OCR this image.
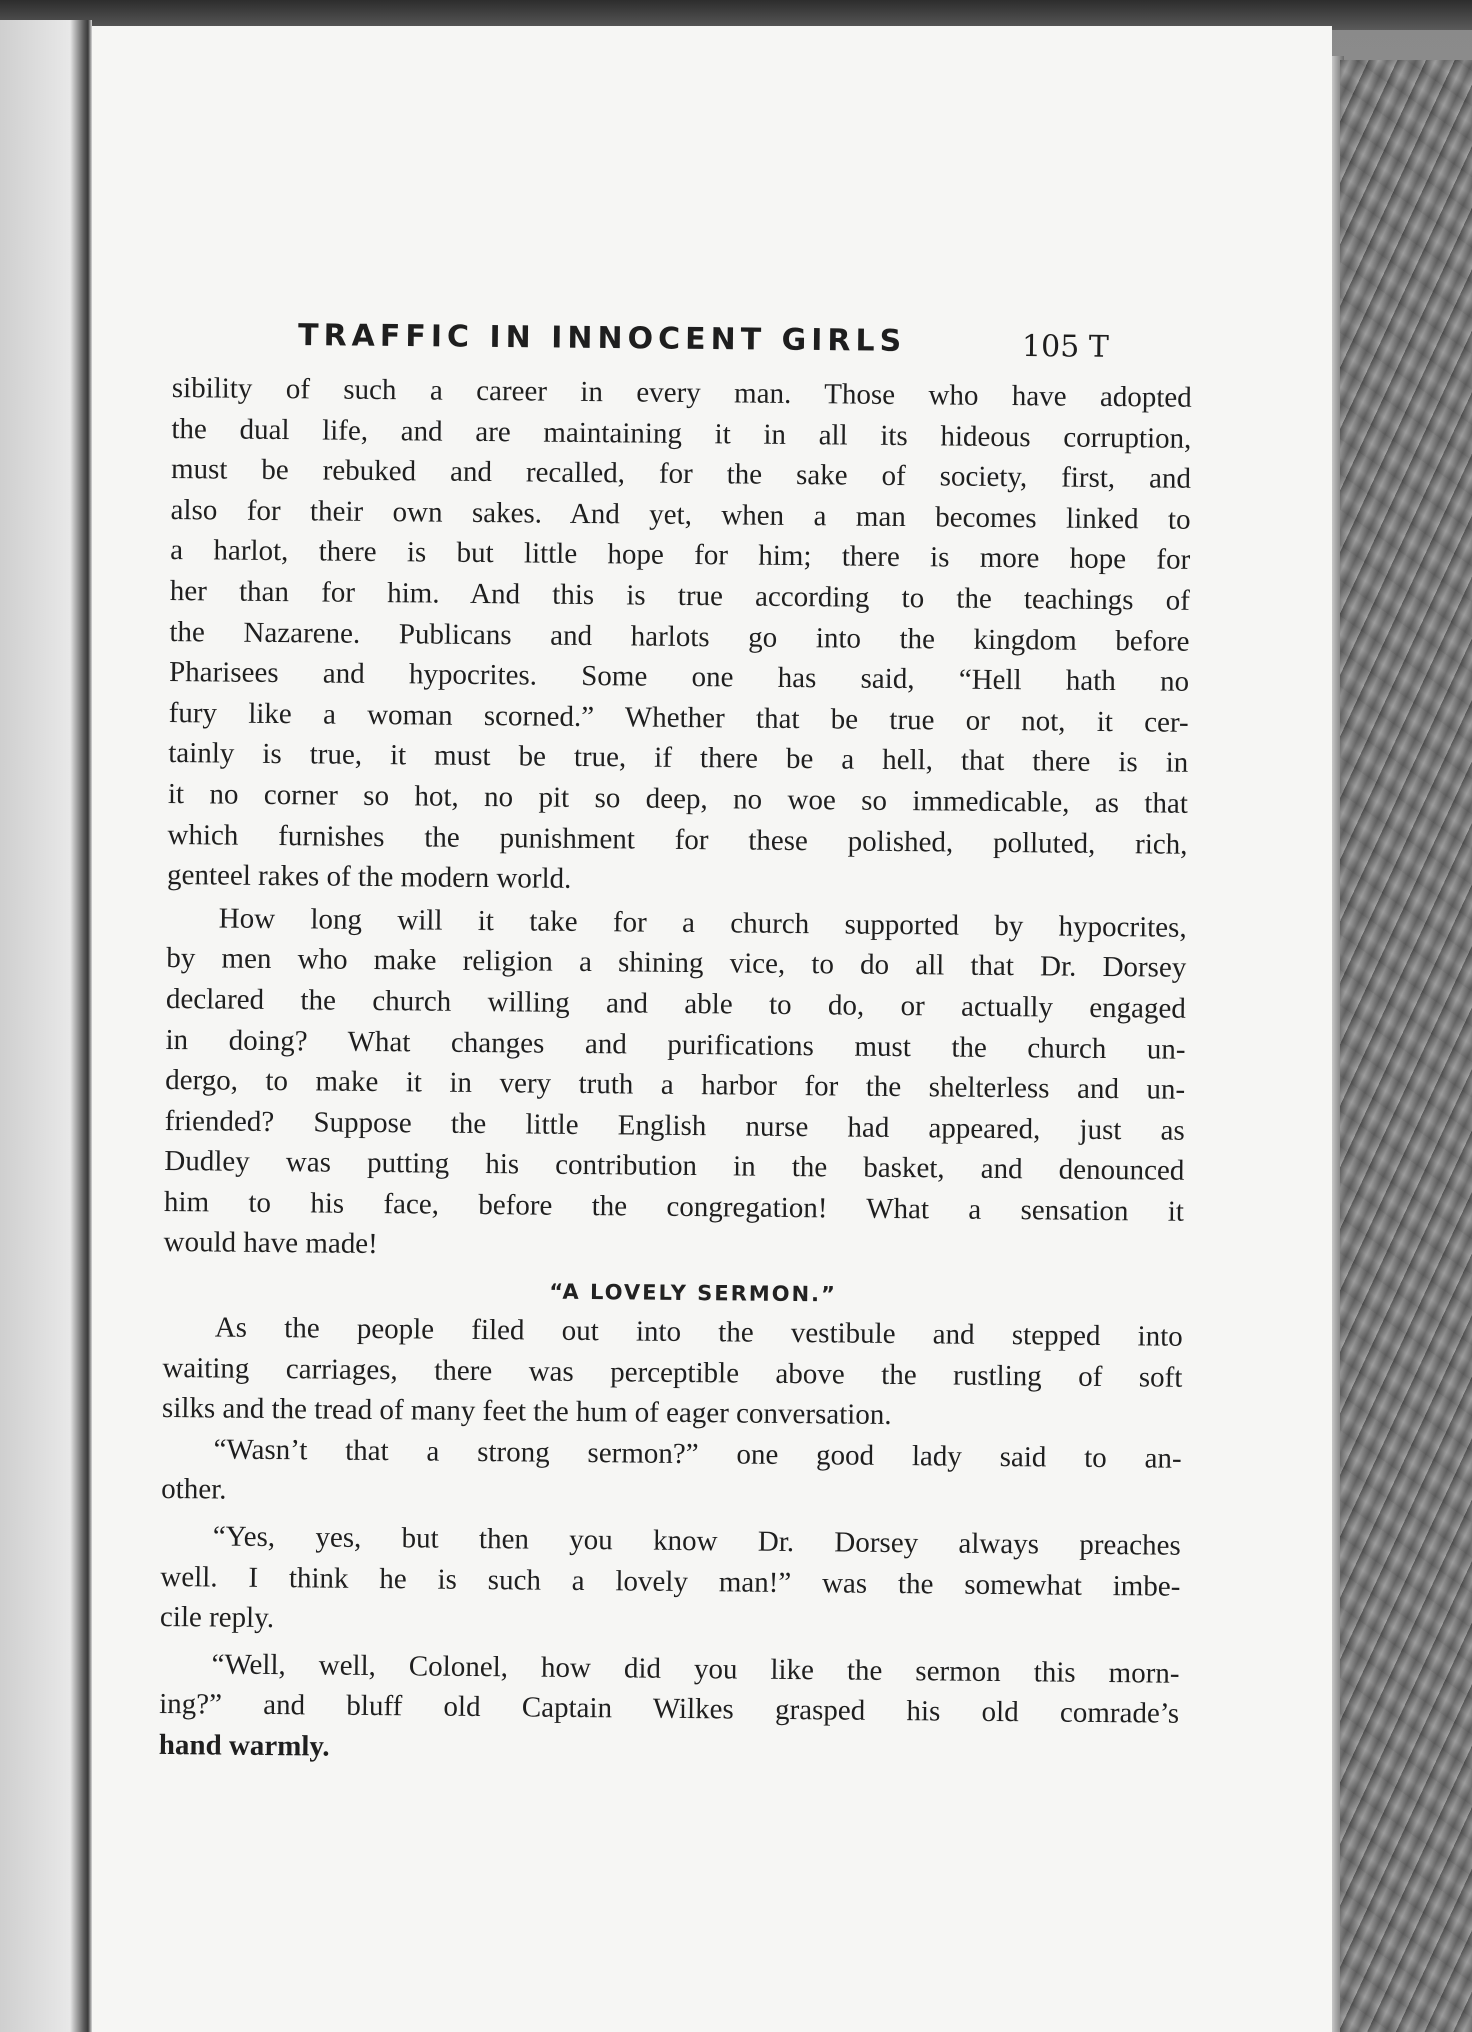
TRAFFIC IN INNOCENT GIRLS	105 T
sibility of such a career in every man. Those who have adopted
the dual life, and are maintaining it in all its hideous corruption,
must be rebuked and recalled, for the sake of society, first, and
also for their own sakes. And yet, when a man becomes linked to
a harlot, there is but little hope for him; there is more hope for
her than for him. And this is true according to the teachings of
the Nazarene. Publicans and harlots go into the kingdom before
Pharisees and hypocrites. Some one has said, “Hell hath no
fury like a woman scorned.” Whether that be true or not, it cer-
tainly is true, it must be true, if there be a hell, that there is in
it no corner so hot, no pit so deep, no woe so immedicable, as that
which furnishes the punishment for these polished, polluted, rich,
genteel rakes of the modern world.
How long will it take for a church supported by hypocrites,
by men who make religion a shining vice, to do all that Dr. Dorsey
declared the church willing and able to do, or actually engaged
in doing? What changes and purifications must the church un-
dergo, to make it in very truth a harbor for the shelterless and un-
friended? Suppose the little English nurse had appeared, just as
Dudley was putting his contribution in the basket, and denounced
him to his face, before the congregation! What a sensation it
would have made!
“A LOVELY SERMON.”
As the people filed out into the vestibule and stepped into
waiting carriages, there was perceptible above the rustling of soft
silks and the tread of many feet the hum of eager conversation.
“Wasn’t that a strong sermon?” one good lady said to an-
other.
“Yes, yes, but then you know Dr. Dorsey always preaches
well. I think he is such a lovely man!” was the somewhat imbe-
cile reply.
“Well, well, Colonel, how did you like the sermon this morn-
ing?” and bluff old Captain Wilkes grasped his old comrade’s
hand warmly.
